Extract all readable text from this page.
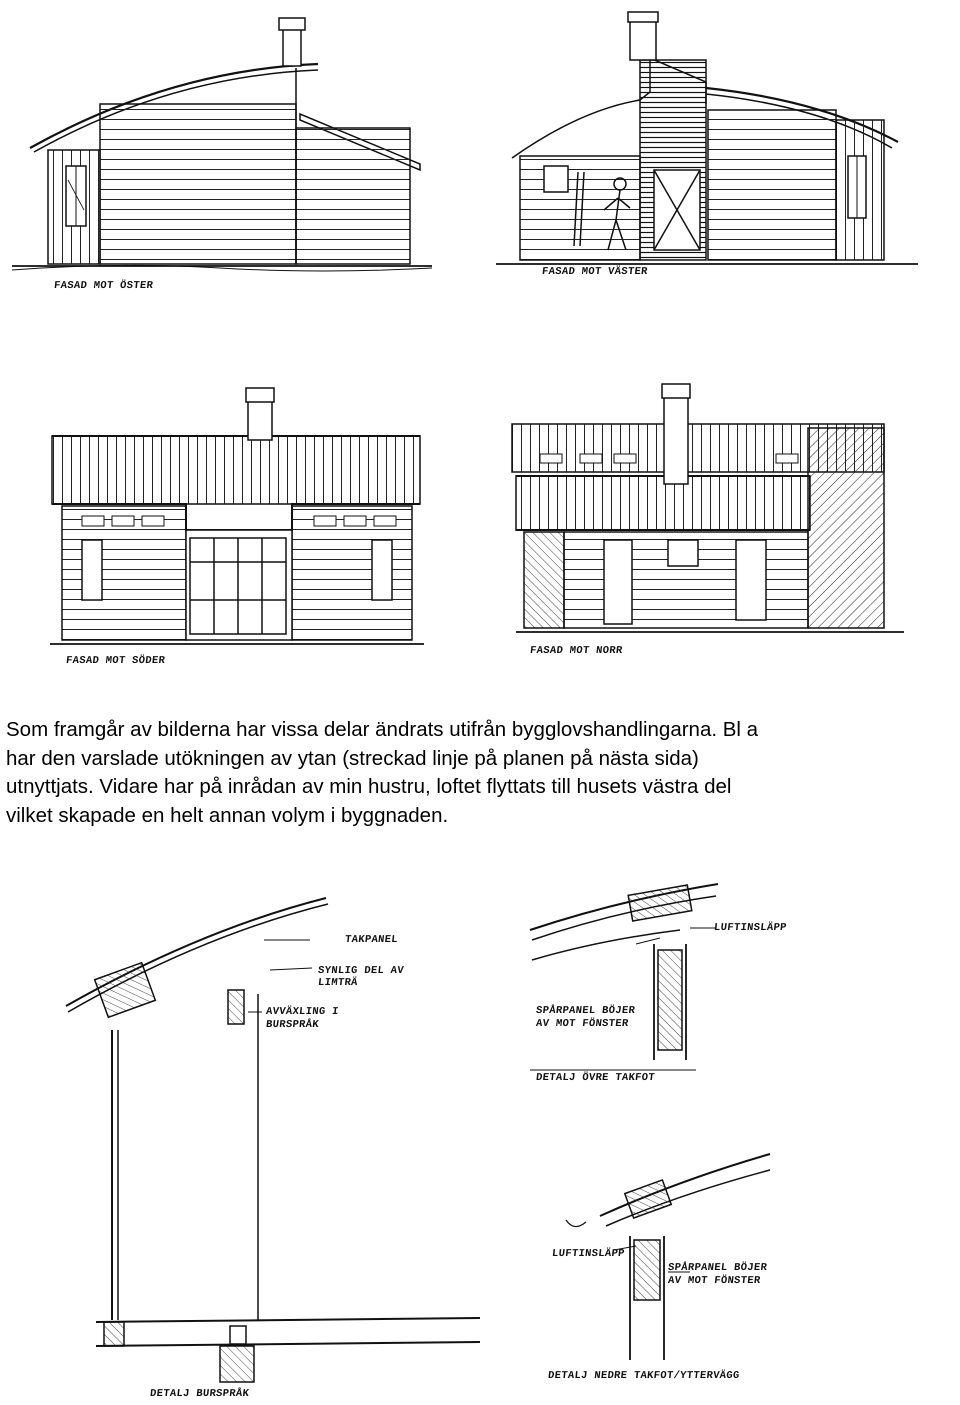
FASAD MOT ÖSTER
FASAD MOT VÄSTER
FASAD MOT SÖDER
FASAD MOT NORR
TAKPANEL
SYNLIG DEL AV
LIMTRÄ
AVVÄXLING I
BURSPRÅK
LUFTINSLÄPP
SPÅRPANEL BÖJER
AV MOT FÖNSTER
DETALJ ÖVRE TAKFOT
LUFTINSLÄPP
SPÅRPANEL BÖJER
AV MOT FÖNSTER
DETALJ NEDRE TAKFOT/YTTERVÄGG
DETALJ BURSPRÅK
Som framgår av bilderna har vissa delar ändrats utifrån bygglovshandlingarna. Bl a
har den varslade utökningen av ytan (streckad linje på planen på nästa sida)
utnyttjats. Vidare har på inrådan av min hustru, loftet flyttats till husets västra del
vilket skapade en helt annan volym i byggnaden.
